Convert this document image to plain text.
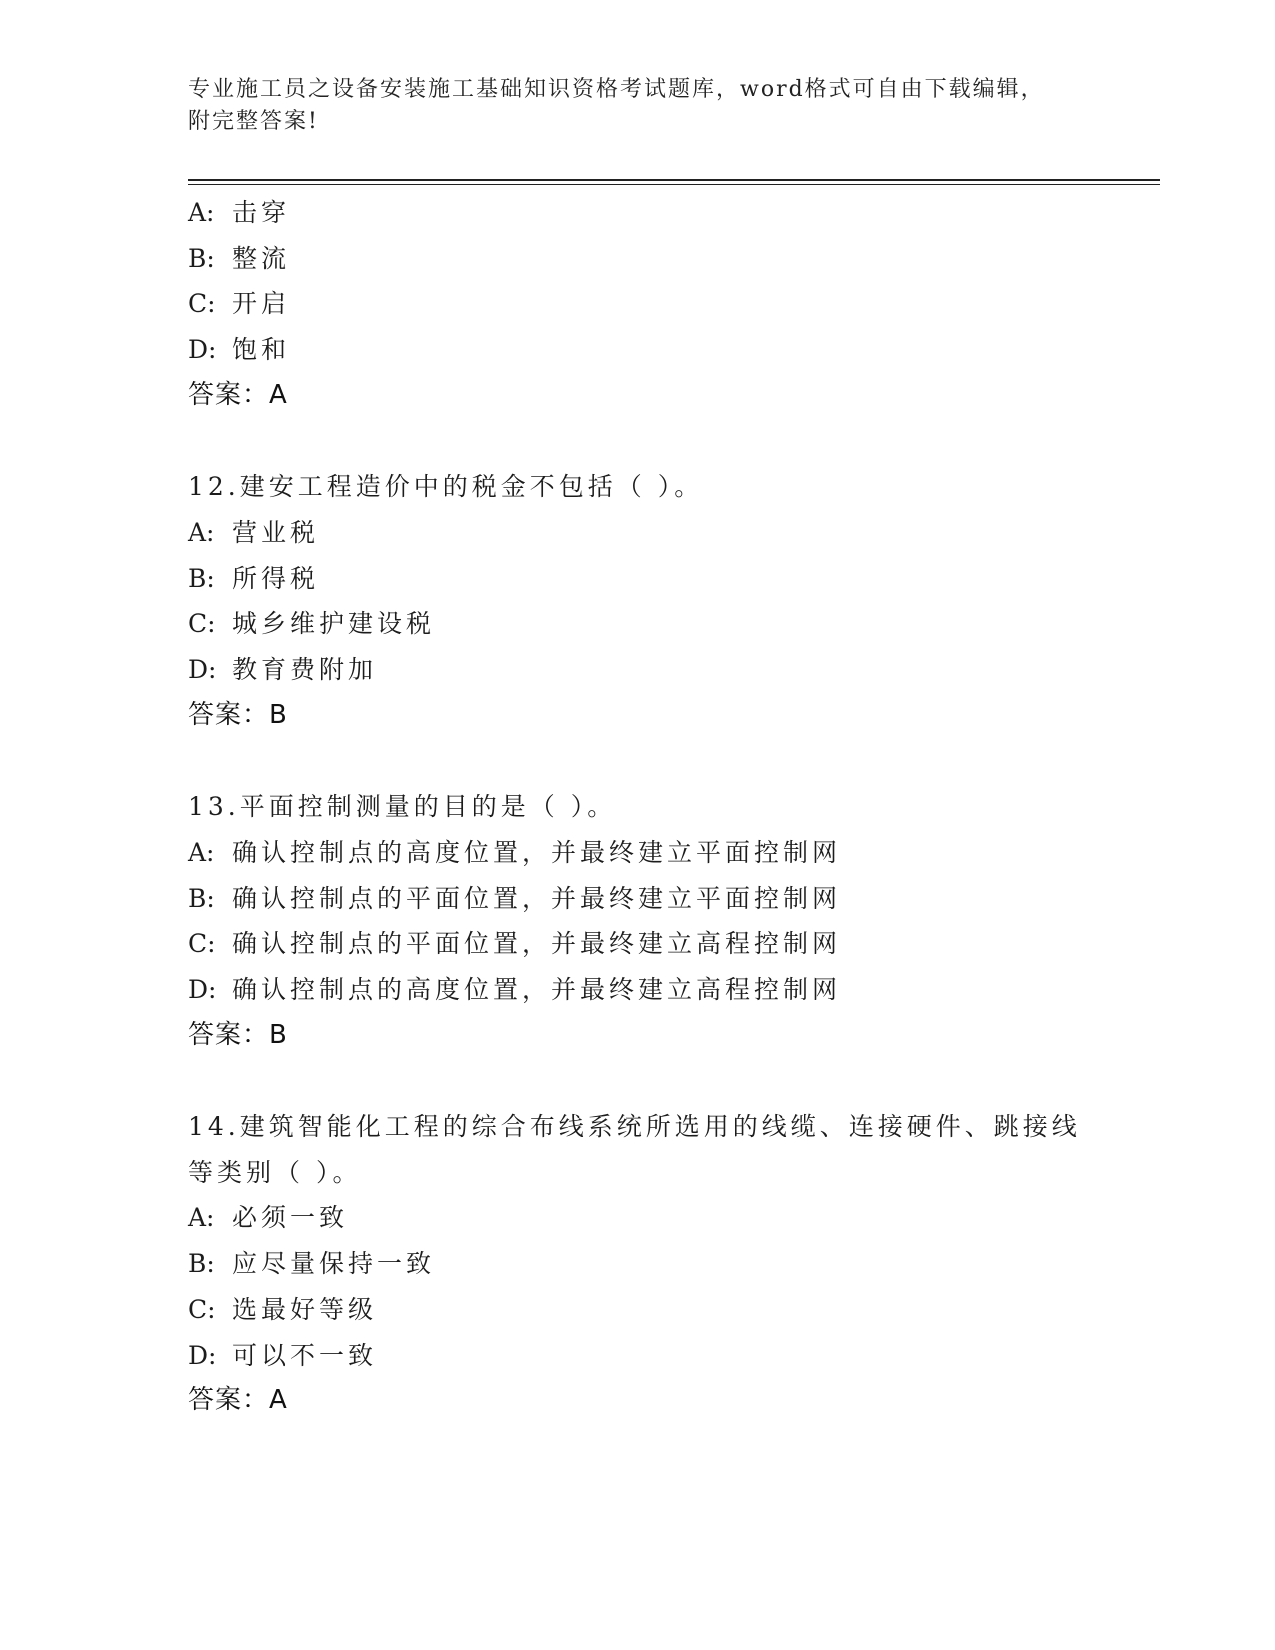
专业施工员之设备安装施工基础知识资格考试题库，word格式可自由下载编辑，
附完整答案!
A: 击穿
B: 整流
C: 开启
D: 饱和
答案：A
12.建安工程造价中的税金不包括（ ）。
A: 营业税
B: 所得税
C: 城乡维护建设税
D: 教育费附加
答案：B
13.平面控制测量的目的是（ ）。
A: 确认控制点的高度位置，并最终建立平面控制网
B: 确认控制点的平面位置，并最终建立平面控制网
C: 确认控制点的平面位置，并最终建立高程控制网
D: 确认控制点的高度位置，并最终建立高程控制网
答案：B
14.建筑智能化工程的综合布线系统所选用的线缆、连接硬件、跳接线
等类别（ ）。
A: 必须一致
B: 应尽量保持一致
C: 选最好等级
D: 可以不一致
答案：A
